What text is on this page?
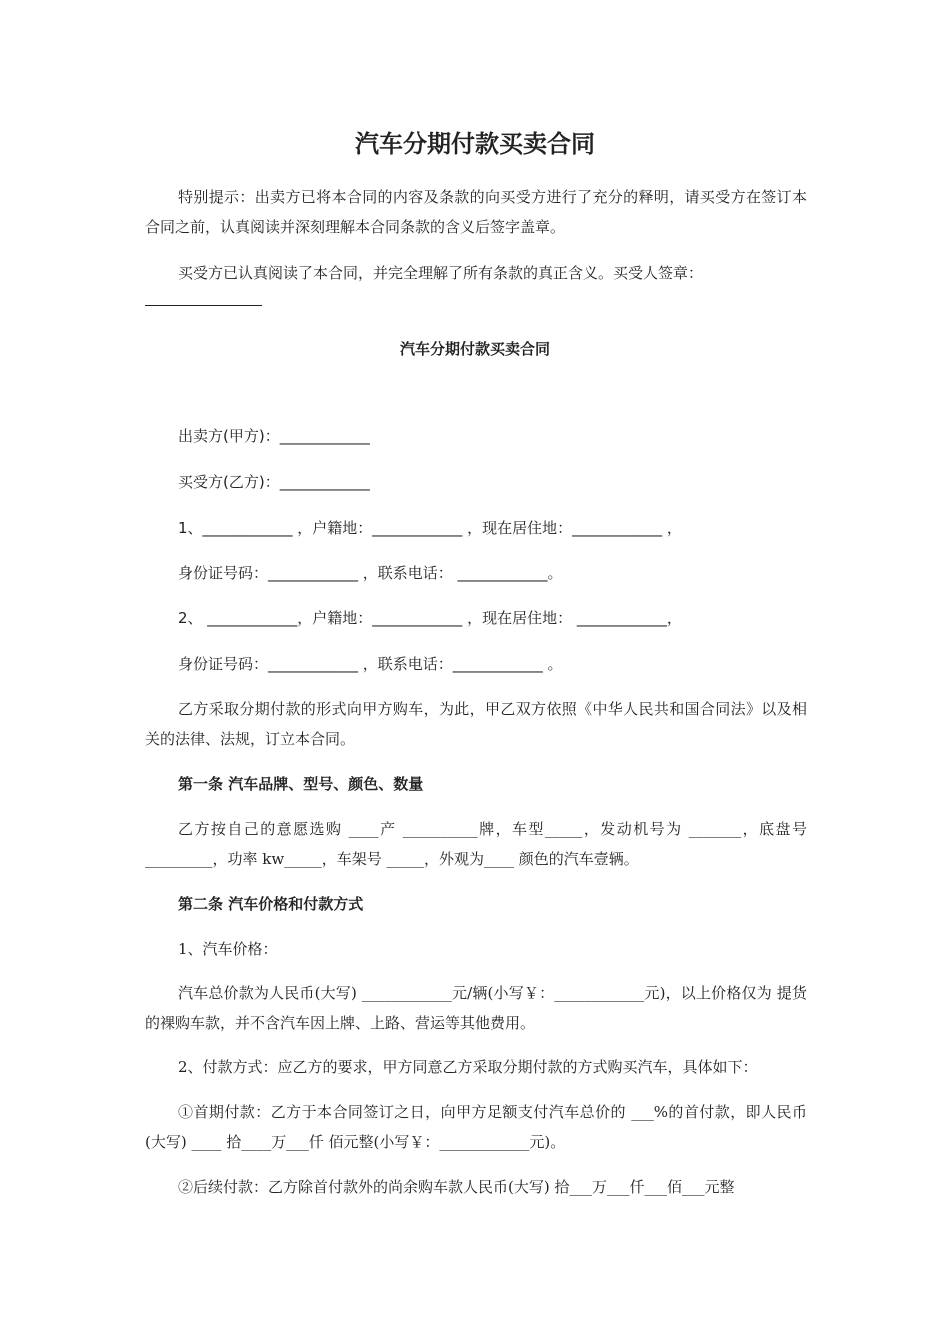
汽车分期付款买卖合同

特别提示：出卖方已将本合同的内容及条款的向买受方进行了充分的释明，请买受方在签订本合同之前，认真阅读并深刻理解本合同条款的含义后签字盖章。

买受方已认真阅读了本合同，并完全理解了所有条款的真正含义。买受人签章：

汽车分期付款买卖合同
出卖方(甲方)：____________
买受方(乙方)：____________
1、____________ ，户籍地：____________ ，现在居住地：____________ ，
身份证号码：____________ ，联系电话： ____________。
2、 ____________，户籍地：____________ ，现在居住地： ____________，
身份证号码：____________ ，联系电话：____________ 。

乙方采取分期付款的形式向甲方购车，为此，甲乙双方依照《中华人民共和国合同法》以及相关的法律、法规，订立本合同。

第一条 汽车品牌、型号、颜色、数量

乙方按自己的意愿选购 ____产 __________牌，车型_____，发动机号为 _______，底盘号 _________，功率 kw_____，车架号 _____，外观为____ 颜色的汽车壹辆。

第二条 汽车价格和付款方式
1、汽车价格：

汽车总价款为人民币(大写) ____________元/辆(小写￥：____________元)，以上价格仅为 提货的裸购车款，并不含汽车因上牌、上路、营运等其他费用。

2、付款方式：应乙方的要求，甲方同意乙方采取分期付款的方式购买汽车，具体如下：

①首期付款：乙方于本合同签订之日，向甲方足额支付汽车总价的 ___%的首付款，即人民币(大写) ____ 拾____万___仟 佰元整(小写￥：____________元)。

②后续付款：乙方除首付款外的尚余购车款人民币(大写) 拾___万___仟___佰___元整
